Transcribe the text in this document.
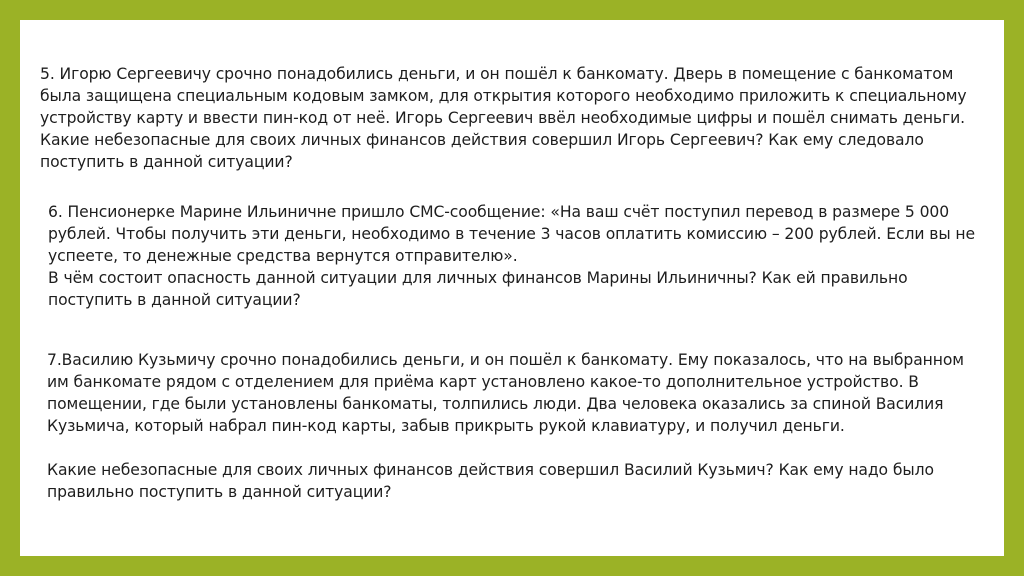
5. Игорю Сергеевичу срочно понадобились деньги, и он пошёл к банкомату. Дверь в помещение с банкоматом

была защищена специальным кодовым замком, для открытия которого необходимо приложить к специальному

устройству карту и ввести пин-код от неё. Игорь Сергеевич ввёл необходимые цифры и пошёл снимать деньги.

Какие небезопасные для своих личных финансов действия совершил Игорь Сергеевич? Как ему следовало

поступить в данной ситуации?

6. Пенсионерке Марине Ильиничне пришло СМС-сообщение: «На ваш счёт поступил перевод в размере 5 000

рублей. Чтобы получить эти деньги, необходимо в течение 3 часов оплатить комиссию – 200 рублей. Если вы не

успеете, то денежные средства вернутся отправителю».

В чём состоит опасность данной ситуации для личных финансов Марины Ильиничны? Как ей правильно

поступить в данной ситуации?

7.Василию Кузьмичу срочно понадобились деньги, и он пошёл к банкомату. Ему показалось, что на выбранном

им банкомате рядом с отделением для приёма карт установлено какое-то дополнительное устройство. В

помещении, где были установлены банкоматы, толпились люди. Два человека оказались за спиной Василия

Кузьмича, который набрал пин-код карты, забыв прикрыть рукой клавиатуру, и получил деньги.

Какие небезопасные для своих личных финансов действия совершил Василий Кузьмич? Как ему надо было

правильно поступить в данной ситуации?
